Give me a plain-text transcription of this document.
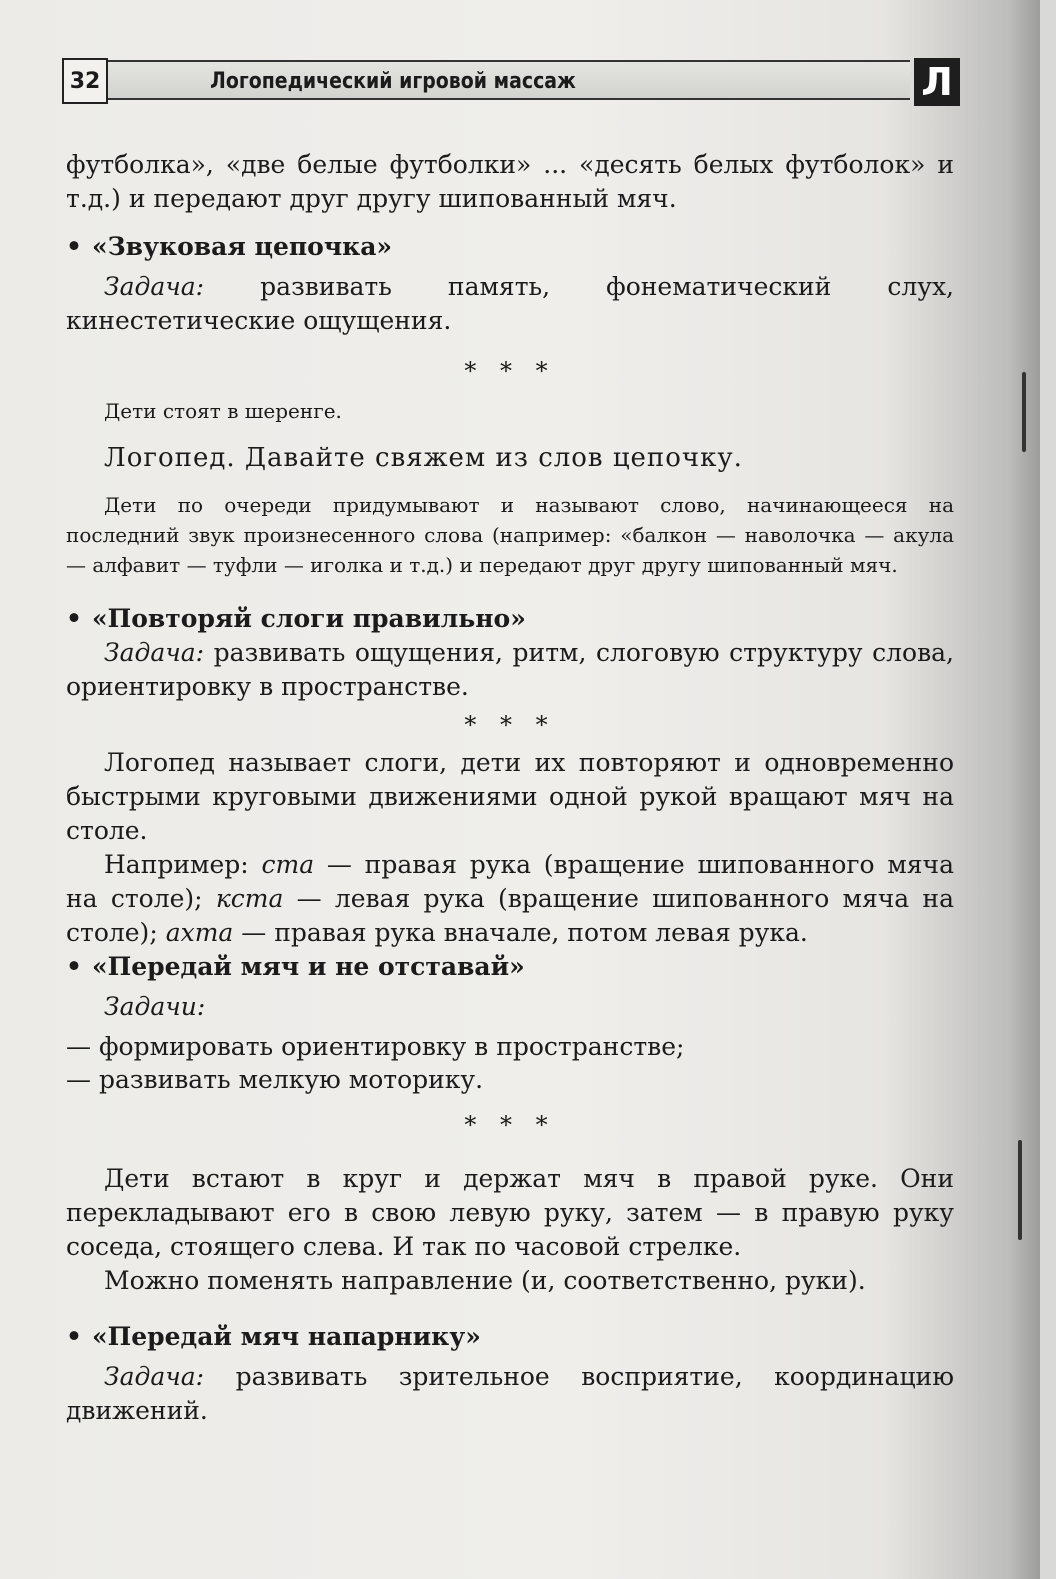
32	Логопедический игровой массаж	Л

футболка», «две белые футболки» ... «десять белых футболок» и т.д.) и передают друг другу шипованный мяч.

• «Звуковая цепочка»

Задача: развивать память, фонематический слух, кинестетические ощущения.

* * *

Дети стоят в шеренге.

Логопед. Давайте свяжем из слов цепочку.

Дети по очереди придумывают и называют слово, начинающееся на последний звук произнесенного слова (например: «балкон — наволочка — акула — алфавит — туфли — иголка и т.д.) и передают друг другу шипованный мяч.

• «Повторяй слоги правильно»

Задача: развивать ощущения, ритм, слоговую структуру слова, ориентировку в пространстве.

* * *

Логопед называет слоги, дети их повторяют и одновременно быстрыми круговыми движениями одной рукой вращают мяч на столе.

Например: ста — правая рука (вращение шипованного мяча на столе); кста — левая рука (вращение шипованного мяча на столе); ахта — правая рука вначале, потом левая рука.

• «Передай мяч и не отставай»

Задачи:

— формировать ориентировку в пространстве;

— развивать мелкую моторику.

* * *

Дети встают в круг и держат мяч в правой руке. Они перекладывают его в свою левую руку, затем — в правую руку соседа, стоящего слева. И так по часовой стрелке.

Можно поменять направление (и, соответственно, руки).

• «Передай мяч напарнику»

Задача: развивать зрительное восприятие, координацию движений.
